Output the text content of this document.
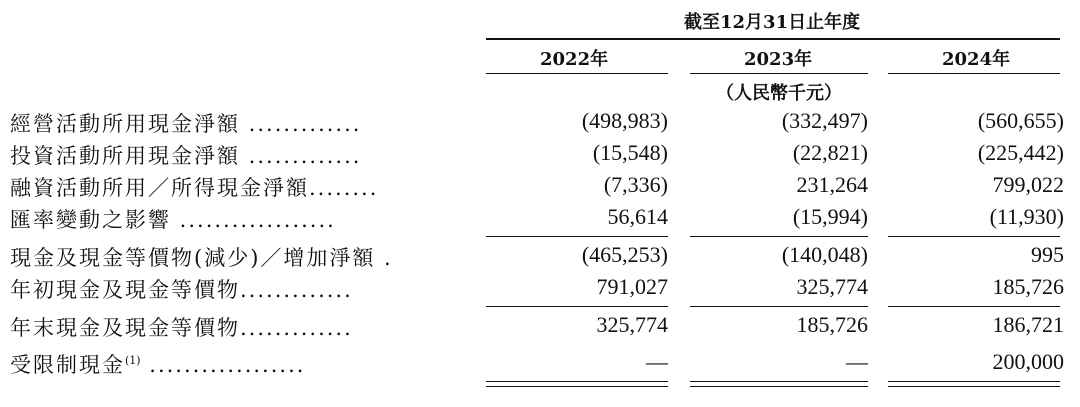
截至12月31日止年度
2022年	2023年	2024年
（人民幣千元）
經營活動所用現金淨額 .............	(498,983)	(332,497)	(560,655)
投資活動所用現金淨額 .............	(15,548)	(22,821)	(225,442)
融資活動所用／所得現金淨額........	(7,336)	231,264	799,022
匯率變動之影響 ..................	56,614	(15,994)	(11,930)
現金及現金等價物(減少)／增加淨額 .	(465,253)	(140,048)	995
年初現金及現金等價物.............	791,027	325,774	185,726
年末現金及現金等價物.............	325,774	185,726	186,721
受限制現金$^{(1)}$ ..................	—	—	200,000
